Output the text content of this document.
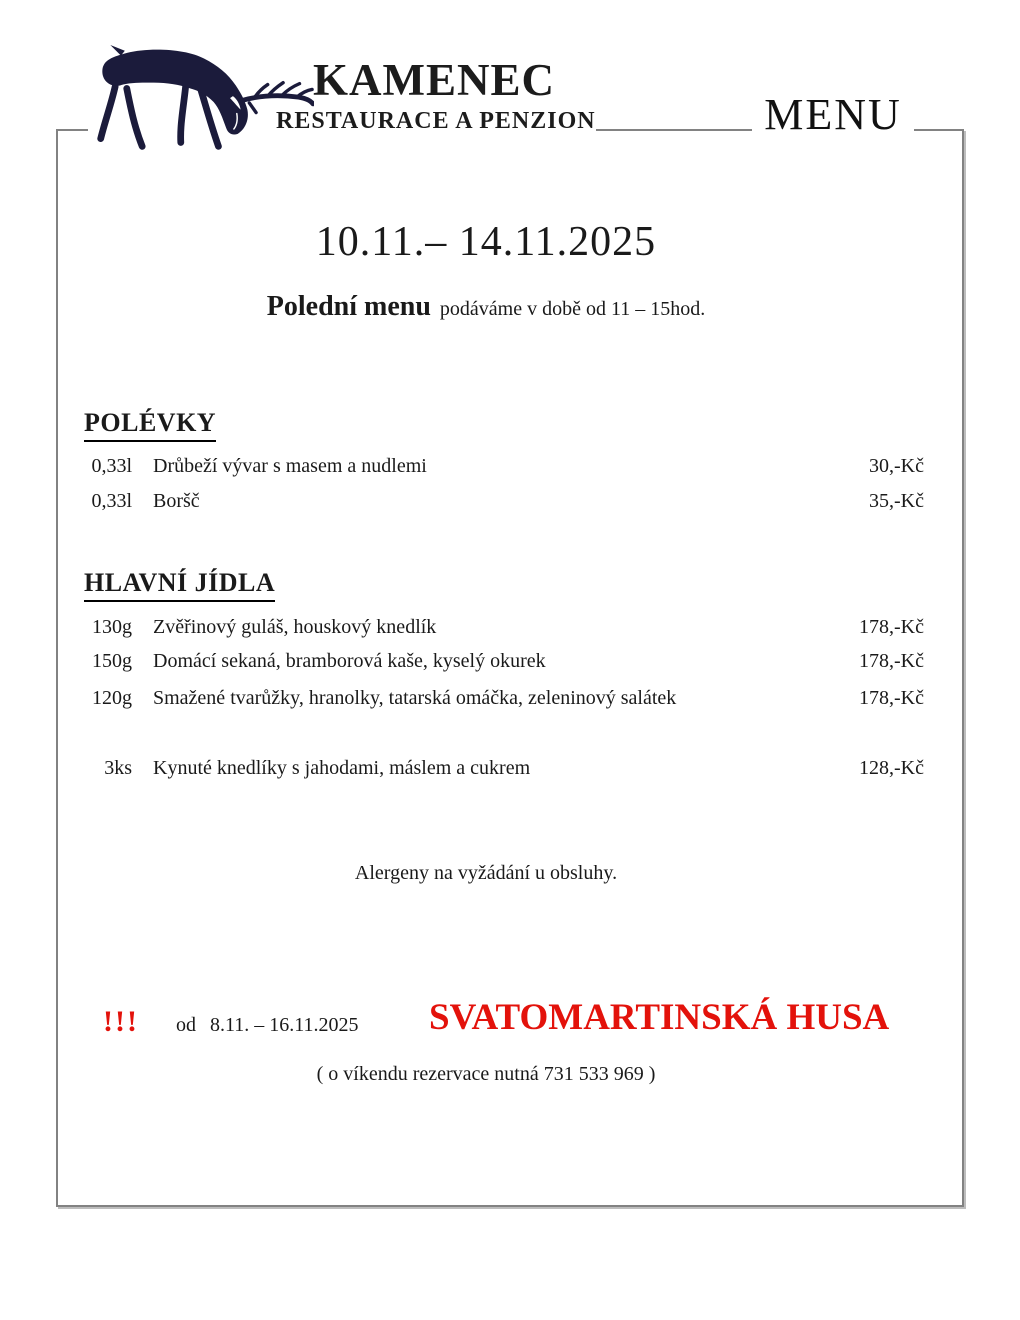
KAMENEC
RESTAURACE A PENZION	MENU
10.11.– 14.11.2025
Polední menu podáváme v době od 11 – 15hod.
POLÉVKY
0,33l Drůbeží vývar s masem a nudlemi	30,-Kč
0,33l Boršč	35,-Kč
HLAVNÍ JÍDLA
130g Zvěřinový guláš, houskový knedlík	178,-Kč
150g Domácí sekaná, bramborová kaše, kyselý okurek	178,-Kč
120g Smažené tvarůžky, hranolky, tatarská omáčka, zeleninový salátek	178,-Kč
3ks Kynuté knedlíky s jahodami, máslem a cukrem	128,-Kč
Alergeny na vyžádání u obsluhy.
!!! od 8.11. – 16.11.2025 SVATOMARTINSKÁ HUSA
( o víkendu rezervace nutná 731 533 969 )
